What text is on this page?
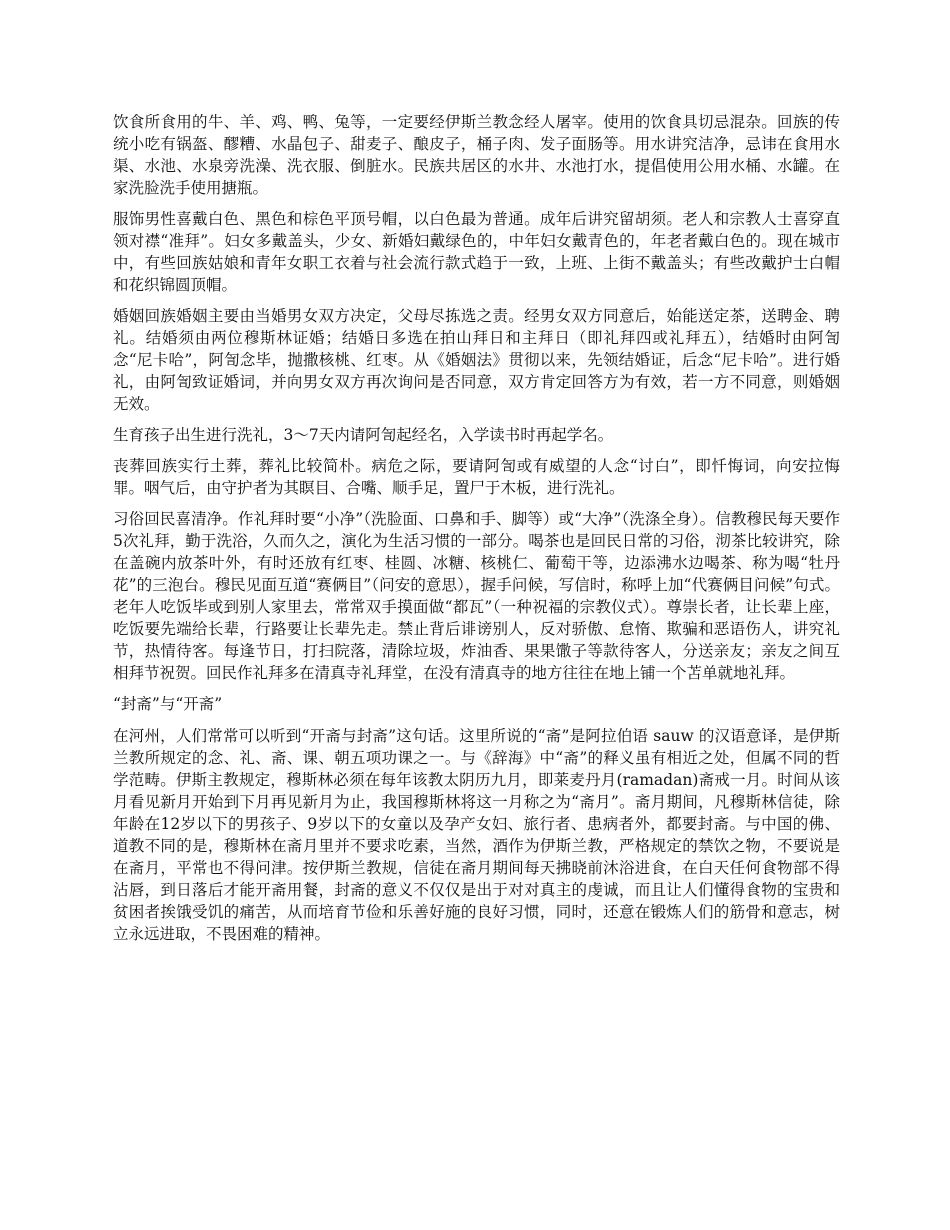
饮食所食用的牛、羊、鸡、鸭、兔等，一定要经伊斯兰教念经人屠宰。使用的饮食具切忌混杂。回族的传统小吃有锅盔、醪糟、水晶包子、甜麦子、酿皮子，桶子肉、发子面肠等。用水讲究洁净，忌讳在食用水渠、水池、水泉旁洗澡、洗衣服、倒脏水。民族共居区的水井、水池打水，提倡使用公用水桶、水罐。在家洗脸洗手使用搪瓶。

服饰男性喜戴白色、黑色和棕色平顶号帽，以白色最为普通。成年后讲究留胡须。老人和宗教人士喜穿直领对襟“准拜”。妇女多戴盖头，少女、新婚妇戴绿色的，中年妇女戴青色的，年老者戴白色的。现在城市中，有些回族姑娘和青年女职工衣着与社会流行款式趋于一致，上班、上街不戴盖头；有些改戴护士白帽和花织锦圆顶帽。

婚姻回族婚姻主要由当婚男女双方决定，父母尽拣选之责。经男女双方同意后，始能送定茶，送聘金、聘礼。结婚须由两位穆斯林证婚；结婚日多选在拍山拜日和主拜日（即礼拜四或礼拜五），结婚时由阿訇念“尼卡哈”，阿訇念毕，抛撒核桃、红枣。从《婚姻法》贯彻以来，先领结婚证，后念“尼卡哈”。进行婚礼，由阿訇致证婚词，并向男女双方再次询问是否同意，双方肯定回答方为有效，若一方不同意，则婚姻无效。

生育孩子出生进行洗礼，3～7天内请阿訇起经名，入学读书时再起学名。

丧葬回族实行土葬，葬礼比较简朴。病危之际，要请阿訇或有威望的人念“讨白”，即忏悔词，向安拉悔罪。咽气后，由守护者为其瞑目、合嘴、顺手足，置尸于木板，进行洗礼。

习俗回民喜清净。作礼拜时要“小净”（洗脸面、口鼻和手、脚等）或“大净”（洗涤全身）。信教穆民每天要作5次礼拜，勤于洗浴，久而久之，演化为生活习惯的一部分。喝茶也是回民日常的习俗，沏茶比较讲究，除在盖碗内放茶叶外，有时还放有红枣、桂圆、冰糖、核桃仁、葡萄干等，边添沸水边喝茶、称为喝“牡丹花”的三泡台。穆民见面互道“赛俩目”（问安的意思），握手问候，写信时，称呼上加“代赛俩目问候”句式。老年人吃饭毕或到别人家里去，常常双手摸面做“都瓦”（一种祝福的宗教仪式）。尊崇长者，让长辈上座，吃饭要先端给长辈，行路要让长辈先走。禁止背后诽谤别人，反对骄傲、怠惰、欺骗和恶语伤人，讲究礼节，热情待客。每逢节日，打扫院落，清除垃圾，炸油香、果果馓子等款待客人，分送亲友；亲友之间互相拜节祝贺。回民作礼拜多在清真寺礼拜堂，在没有清真寺的地方往往在地上铺一个苫单就地礼拜。

“封斋”与“开斋”

在河州，人们常常可以听到“开斋与封斋”这句话。这里所说的“斋”是阿拉伯语 sauw 的汉语意译，是伊斯兰教所规定的念、礼、斋、课、朝五项功课之一。与《辞海》中“斋”的释义虽有相近之处，但属不同的哲学范畴。伊斯主教规定，穆斯林必须在每年该教太阴历九月，即莱麦丹月(ramadan)斋戒一月。时间从该月看见新月开始到下月再见新月为止，我国穆斯林将这一月称之为“斋月”。斋月期间，凡穆斯林信徒，除年龄在12岁以下的男孩子、9岁以下的女童以及孕产女妇、旅行者、患病者外，都要封斋。与中国的佛、道教不同的是，穆斯林在斋月里并不要求吃素，当然，酒作为伊斯兰教，严格规定的禁饮之物，不要说是在斋月，平常也不得问津。按伊斯兰教规，信徒在斋月期间每天拂晓前沐浴进食，在白天任何食物部不得沾唇，到日落后才能开斋用餐，封斋的意义不仅仅是出于对对真主的虔诚，而且让人们懂得食物的宝贵和贫困者挨饿受饥的痛苦，从而培育节俭和乐善好施的良好习惯，同时，还意在锻炼人们的筋骨和意志，树立永远进取，不畏困难的精神。
